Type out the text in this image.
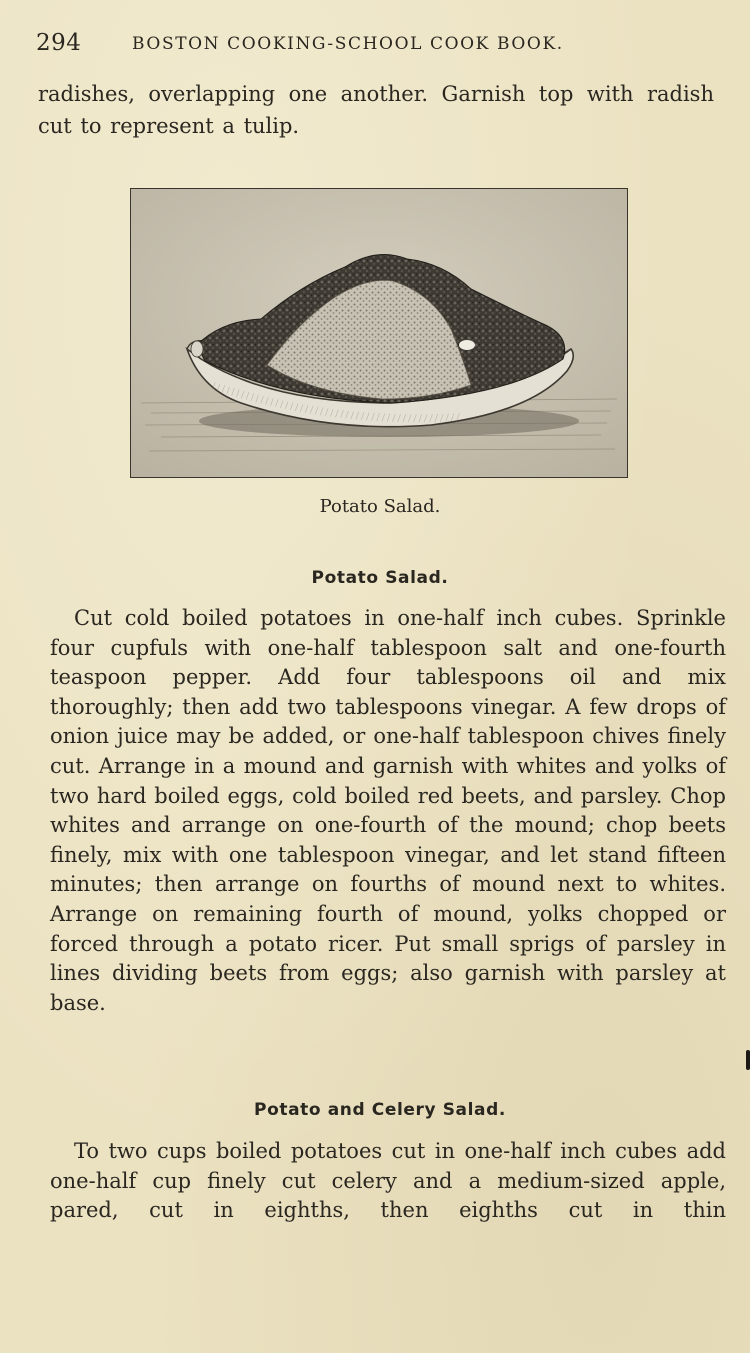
294	BOSTON COOKING-SCHOOL COOK BOOK.

radishes, overlapping one another. Garnish top with radish cut to represent a tulip.

Potato Salad.
Potato Salad.

Cut cold boiled potatoes in one-half inch cubes. Sprinkle four cupfuls with one-half tablespoon salt and one-fourth teaspoon pepper. Add four tablespoons oil and mix thoroughly; then add two tablespoons vinegar. A few drops of onion juice may be added, or one-half tablespoon chives finely cut. Arrange in a mound and garnish with whites and yolks of two hard boiled eggs, cold boiled red beets, and parsley. Chop whites and arrange on one-fourth of the mound; chop beets finely, mix with one tablespoon vinegar, and let stand fifteen minutes; then arrange on fourths of mound next to whites. Arrange on remaining fourth of mound, yolks chopped or forced through a potato ricer. Put small sprigs of parsley in lines dividing beets from eggs; also garnish with parsley at base.

Potato and Celery Salad.

To two cups boiled potatoes cut in one-half inch cubes add one-half cup finely cut celery and a medium-sized apple, pared, cut in eighths, then eighths cut in thin
